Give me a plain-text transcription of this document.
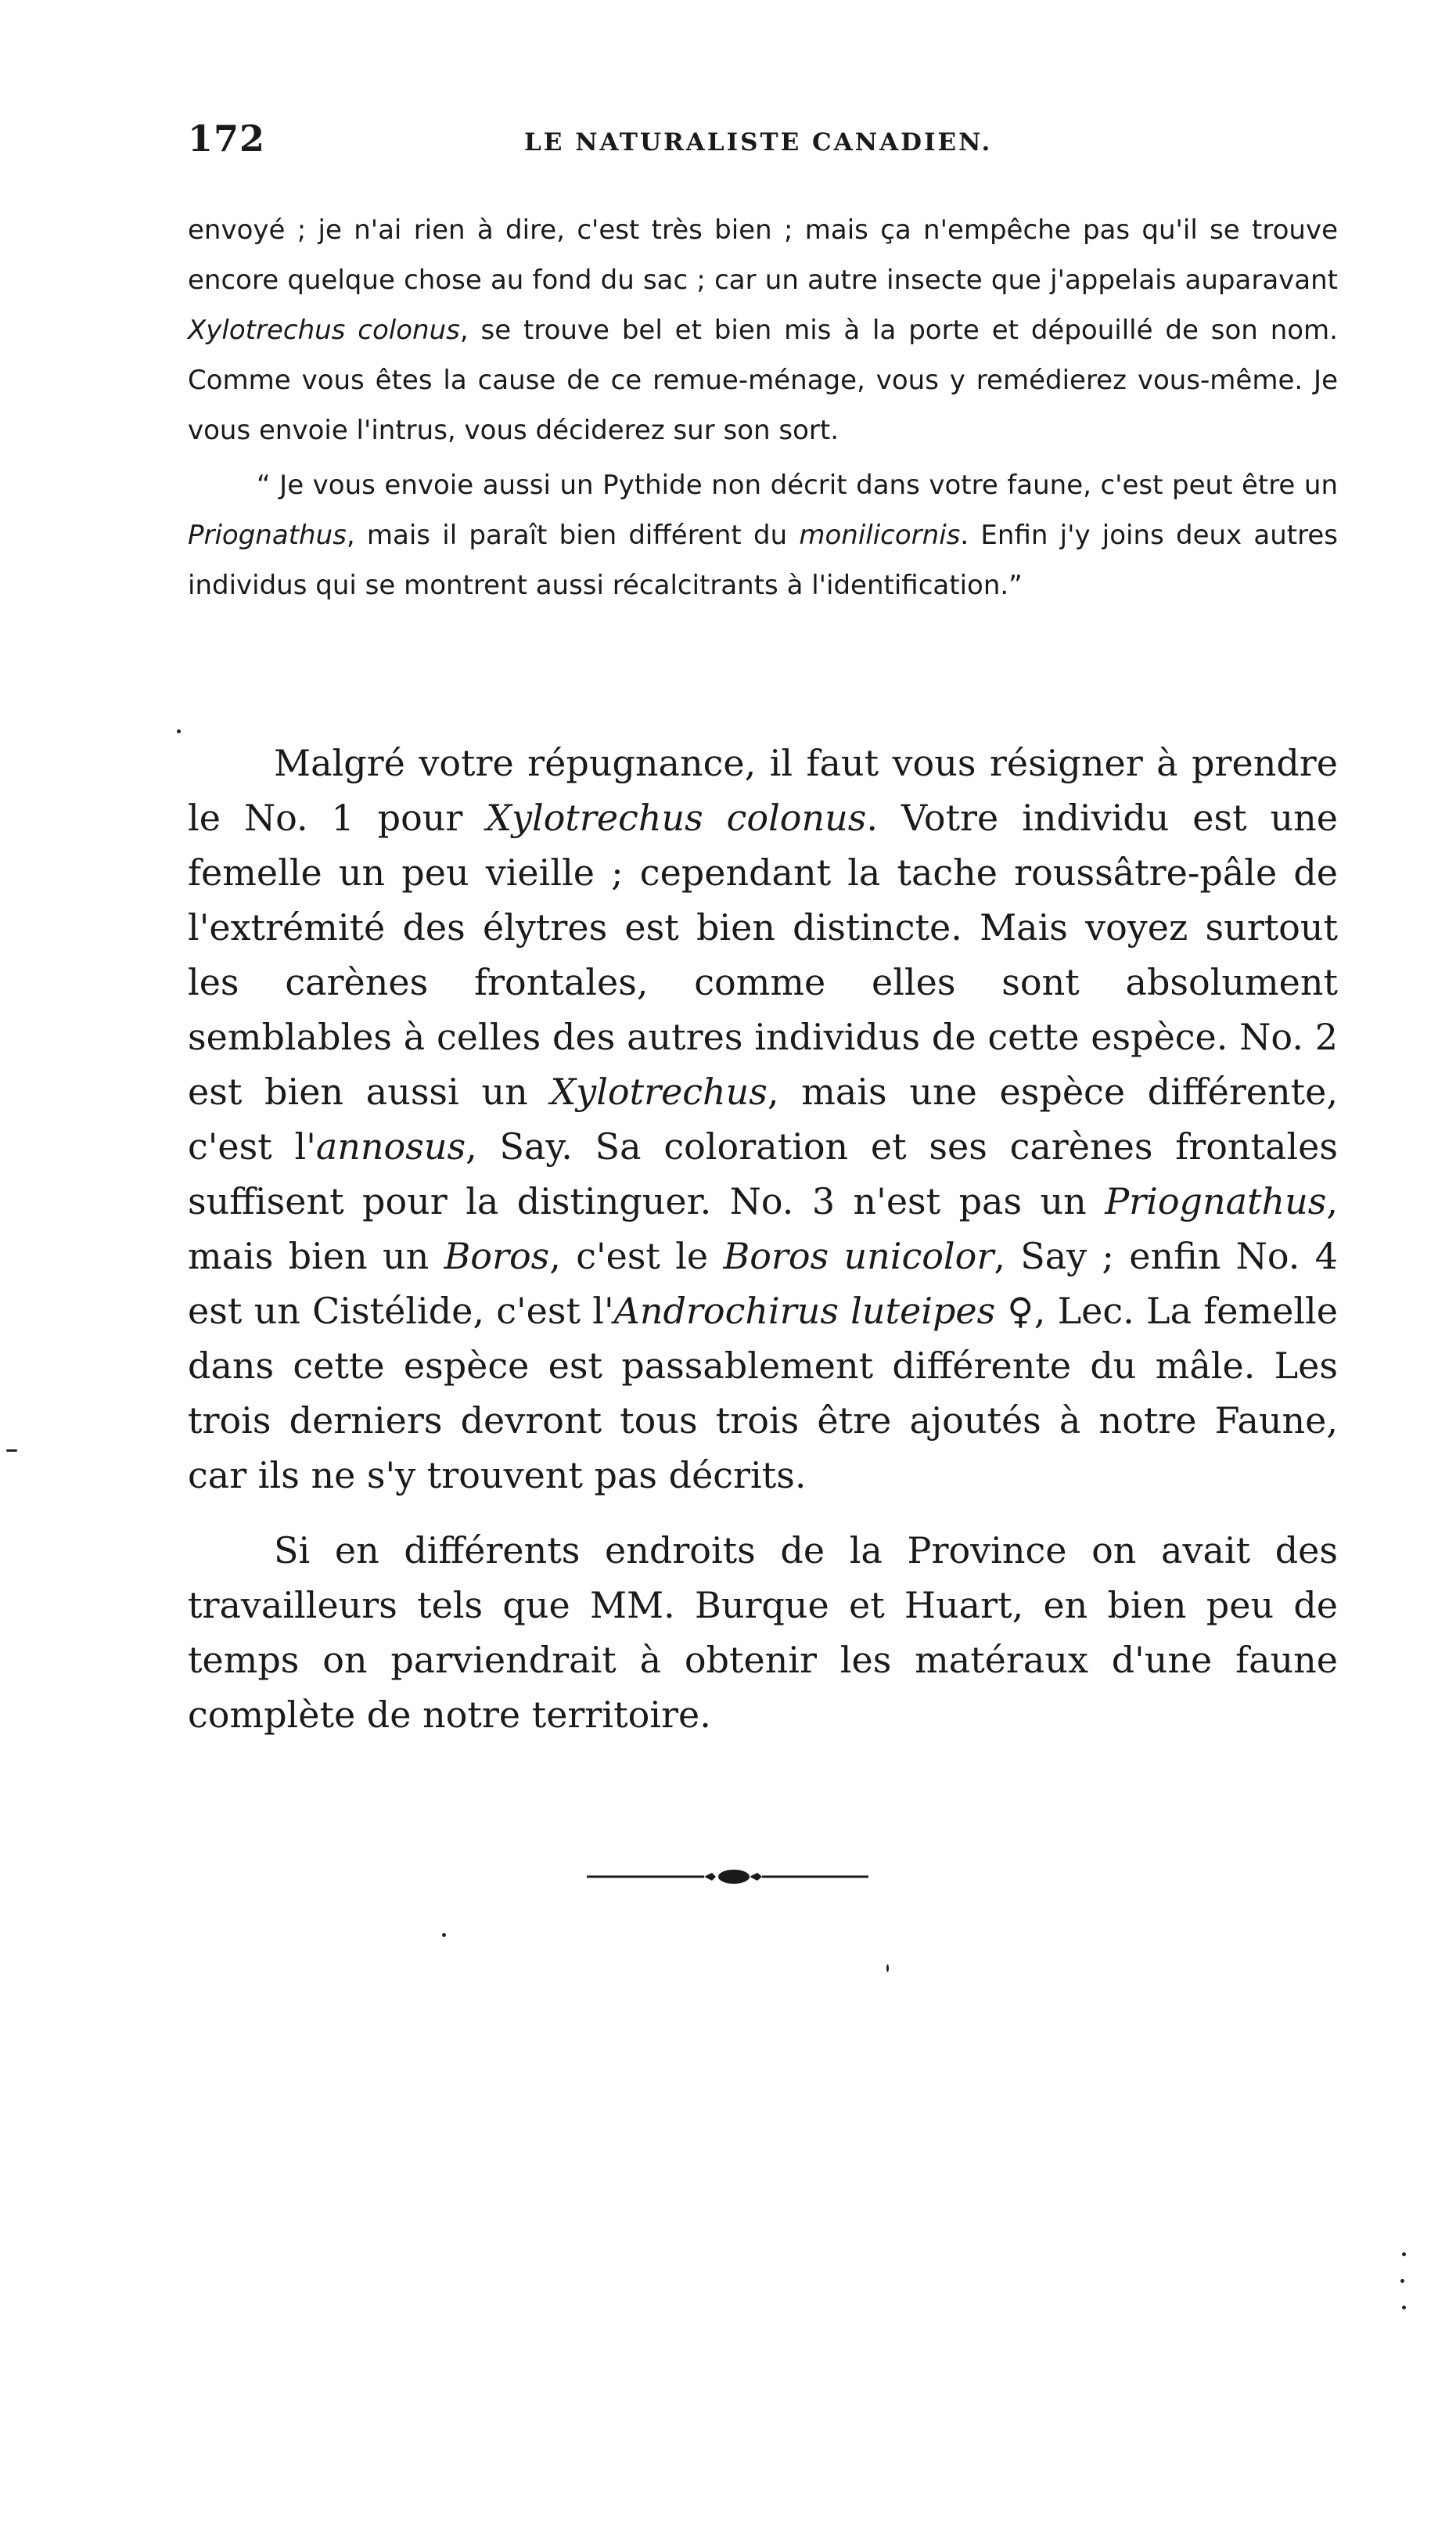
172	LE NATURALISTE CANADIEN.

envoyé ; je n'ai rien à dire, c'est très bien ; mais ça n'empêche pas qu'il se trouve encore quelque chose au fond du sac ; car un autre insecte que j'appelais auparavant Xylotrechus colonus, se trouve bel et bien mis à la porte et dépouillé de son nom. Comme vous êtes la cause de ce remue-ménage, vous y remédierez vous-même. Je vous envoie l'intrus, vous déciderez sur son sort.

“ Je vous envoie aussi un Pythide non décrit dans votre faune, c'est peut être un Priognathus, mais il paraît bien différent du monilicornis. Enfin j'y joins deux autres individus qui se montrent aussi récalcitrants à l'identification.”

Malgré votre répugnance, il faut vous résigner à prendre le No. 1 pour Xylotrechus colonus. Votre individu est une femelle un peu vieille ; cependant la tache roussâtre-pâle de l'extrémité des élytres est bien distincte. Mais voyez surtout les carènes frontales, comme elles sont absolument semblables à celles des autres individus de cette espèce. No. 2 est bien aussi un Xylotrechus, mais une espèce différente, c'est l'annosus, Say. Sa coloration et ses carènes frontales suffisent pour la distinguer. No. 3 n'est pas un Priognathus, mais bien un Boros, c'est le Boros unicolor, Say ; enfin No. 4 est un Cistélide, c'est l'Androchirus luteipes ♀, Lec. La femelle dans cette espèce est passablement différente du mâle. Les trois derniers devront tous trois être ajoutés à notre Faune, car ils ne s'y trouvent pas décrits.

Si en différents endroits de la Province on avait des travailleurs tels que MM. Burque et Huart, en bien peu de temps on parviendrait à obtenir les matéraux d'une faune complète de notre territoire.
